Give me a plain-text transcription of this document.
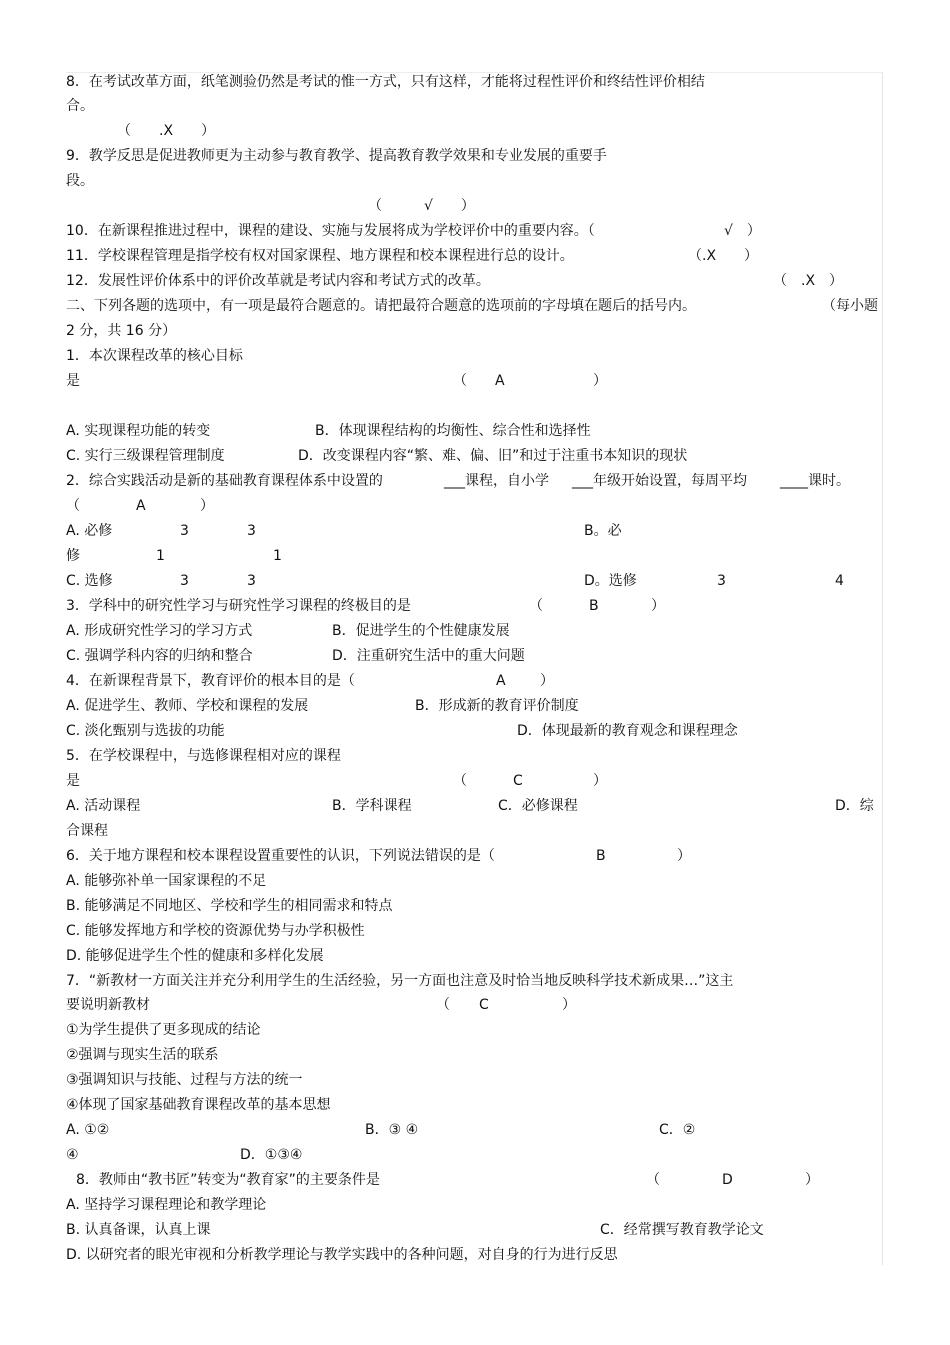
8．在考试改革方面，纸笔测验仍然是考试的惟一方式，只有这样，才能将过程性评价和终结性评价相结
合。
（　　.X　　）
9．教学反思是促进教师更为主动参与教育教学、提高教育教学效果和专业发展的重要手
段。
（　　　√　　）
10．在新课程推进过程中，课程的建设、实施与发展将成为学校评价中的重要内容。（	√　）
11．学校课程管理是指学校有权对国家课程、地方课程和校本课程进行总的设计。	（.X　　）
12．发展性评价体系中的评价改革就是考试内容和考试方式的改革。	（　.X　）
二、下列各题的选项中，有一项是最符合题意的。请把最符合题意的选项前的字母填在题后的括号内。	（每小题
2 分，共 16 分）
1．本次课程改革的核心目标
是	（ A	）
A. 实现课程功能的转变	B．体现课程结构的均衡性、综合性和选择性
C. 实行三级课程管理制度	D．改变课程内容“繁、难、偏、旧”和过于注重书本知识的现状
2．综合实践活动是新的基础教育课程体系中设置的	___课程，自小学 ___年级开始设置，每周平均 ____课时。
（	A	）
A. 必修	3	3	B。必
修	1	1
C. 选修	3	3	D。选修	3	4
3．学科中的研究性学习与研究性学习课程的终极目的是	（	B	）
A. 形成研究性学习的学习方式	B．促进学生的个性健康发展
C. 强调学科内容的归纳和整合	D．注重研究生活中的重大问题
4．在新课程背景下，教育评价的根本目的是（	A ）
A. 促进学生、教师、学校和课程的发展	B．形成新的教育评价制度
C. 淡化甄别与选拔的功能	D．体现最新的教育观念和课程理念
5．在学校课程中，与选修课程相对应的课程
是	（	C	）
A. 活动课程	B．学科课程	C．必修课程	D．综
合课程
6．关于地方课程和校本课程设置重要性的认识，下列说法错误的是（	B	）
A. 能够弥补单一国家课程的不足
B. 能够满足不同地区、学校和学生的相同需求和特点
C. 能够发挥地方和学校的资源优势与办学积极性
D. 能够促进学生个性的健康和多样化发展
7．“新教材一方面关注并充分利用学生的生活经验，另一方面也注意及时恰当地反映科学技术新成果…”这主
要说明新教材	（ C	）
①为学生提供了更多现成的结论
②强调与现实生活的联系
③强调知识与技能、过程与方法的统一
④体现了国家基础教育课程改革的基本思想
A. ①②	B．③ ④	C．②
④	D．①③④
8．教师由“教书匠”转变为“教育家”的主要条件是	（	D	）
A. 坚持学习课程理论和教学理论
B. 认真备课，认真上课	C．经常撰写教育教学论文
D. 以研究者的眼光审视和分析教学理论与教学实践中的各种问题，对自身的行为进行反思
